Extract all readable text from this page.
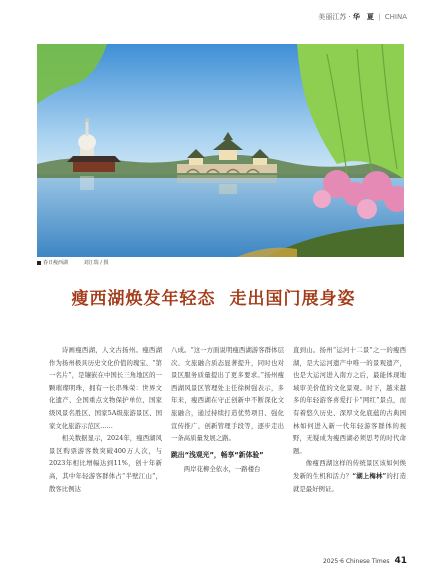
美丽江苏 · 华　夏 | CHINA
春日瘦西湖	刘江瑞 / 摄
瘦西湖焕发年轻态 走出国门展身姿

诗画瘦西湖，人文古扬州。瘦西湖作为扬州极具历史文化价值的瑰宝、“第一名片”，是镶嵌在中国长三角地区的一颗璀璨明珠，拥有一长串殊荣：世界文化遗产、全国重点文物保护单位、国家级风景名胜区、国家5A级旅游景区、国家文化旅游示范区……

相关数据显示，2024年，瘦西湖风景区购票游客数突破400万人次，与2023年相比增幅达到11%，创十年新高，其中年轻游客群体占“半壁江山”，散客比例达

八成。“这一方面说明瘦西湖游客群体层次、文旅融合质态显著提升，同时也对景区服务质量提出了更多要求。”扬州瘦西湖风景区管理处主任徐树强表示，多年来，瘦西湖在守正创新中不断深化文旅融合，通过持续打造优势项目、强化宣传推广、创新管理手段等，逐步走出一条高质量发展之路。

跳出“浅观光”，畅享“新体验”

两岸花柳全依水，一路楼台

直到山。扬州“运河十二景”之一的瘦西湖，是大运河遗产中唯一的景观遗产，也是大运河进入南方之后，最能体现地域审美价值的文化景观。时下，越来越多的年轻游客喜爱打卡“网红”景点，而有着悠久历史、深厚文化底蕴的古典园林如何进入新一代年轻游客群体的视野，无疑成为瘦西湖必须思考的时代命题。

像瘦西湖这样的传统景区该如何焕发新的生机和活力？“湖上梅林”的打造就是最好例证。

2025·6 Chinese Times 41
